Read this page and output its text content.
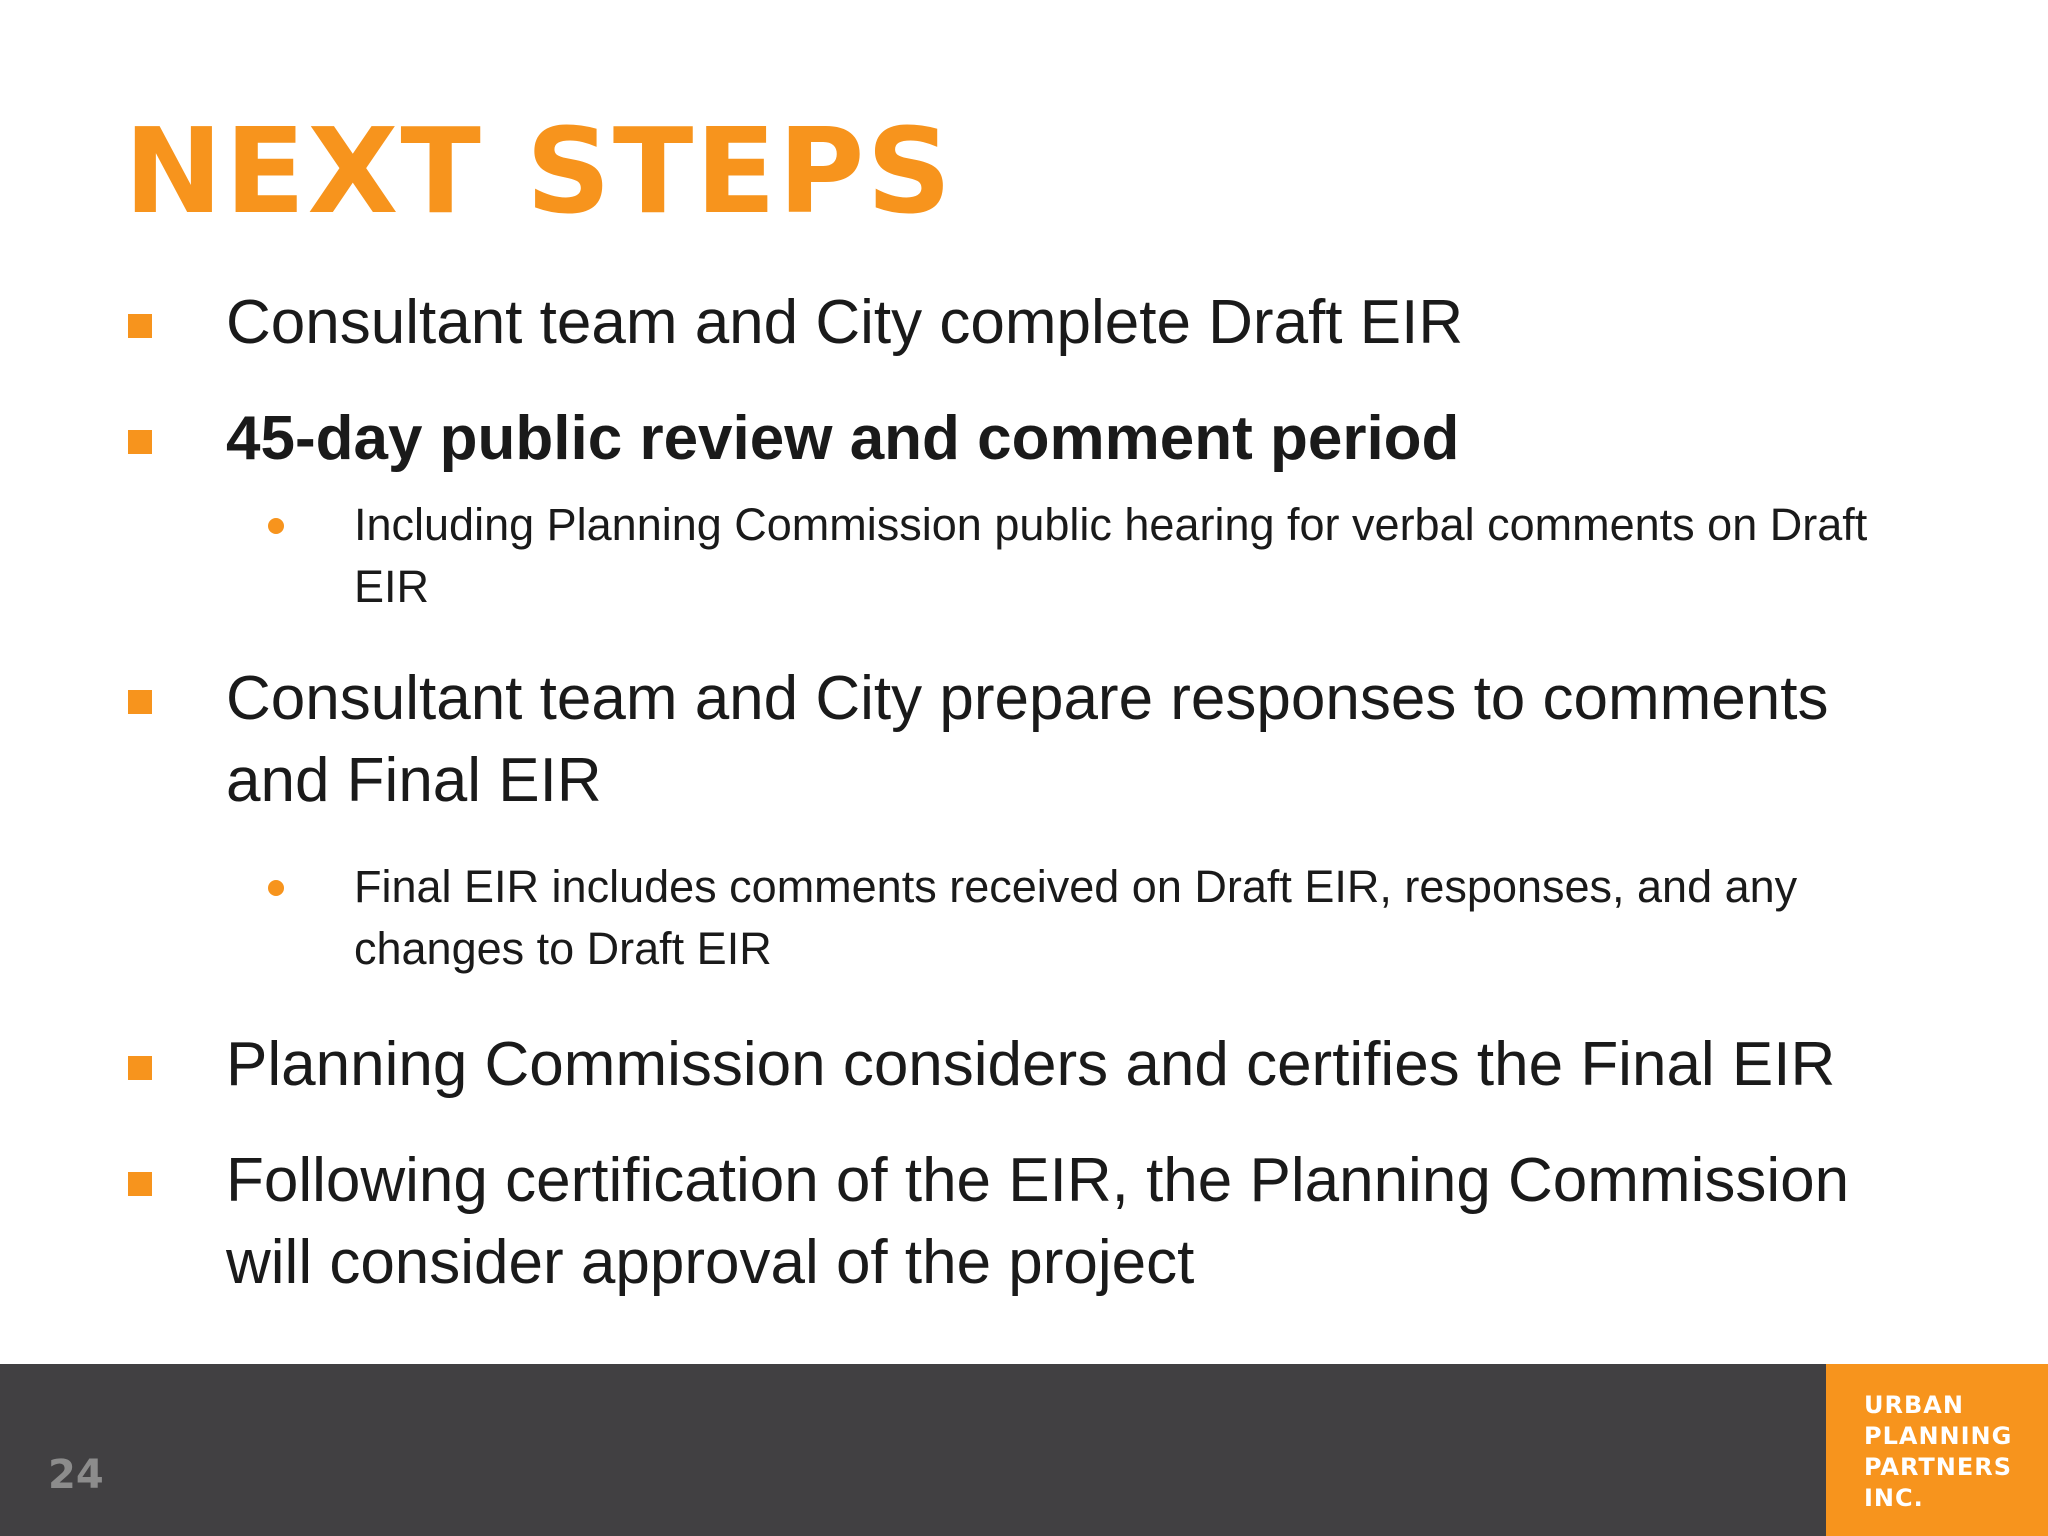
NEXT STEPS
Consultant team and City complete Draft EIR
45-day public review and comment period
Including Planning Commission public hearing for verbal comments on Draft EIR
Consultant team and City prepare responses to comments and Final EIR
Final EIR includes comments received on Draft EIR, responses, and any changes to Draft EIR
Planning Commission considers and certifies the Final EIR
Following certification of the EIR, the Planning Commission will consider approval of the project
24
URBAN
PLANNING
PARTNERS
INC.
